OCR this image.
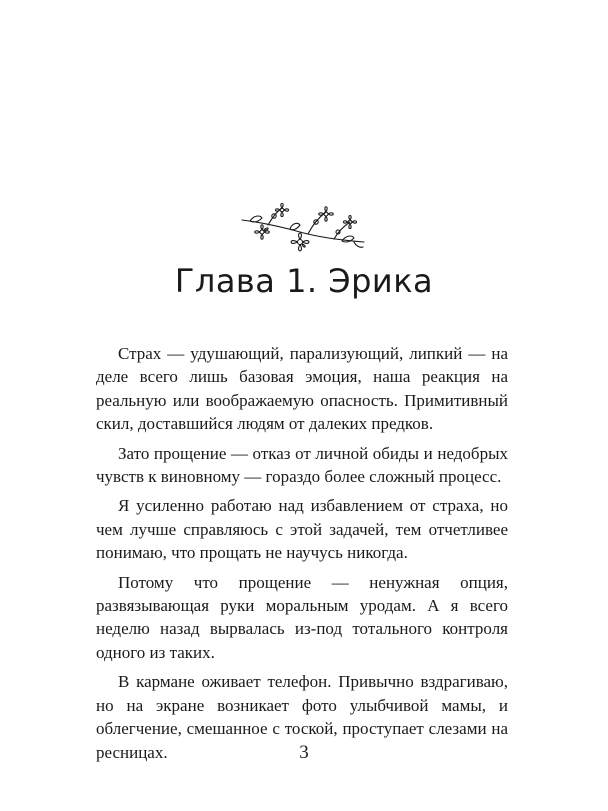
Глава 1. Эрика

Страх — удушающий, парализующий, липкий — на деле всего лишь базовая эмоция, наша реакция на реальную или воображаемую опасность. Примитивный скил, доставшийся людям от далеких предков.

Зато прощение — отказ от личной обиды и недобрых чувств к виновному — гораздо более сложный процесс.

Я усиленно работаю над избавлением от страха, но чем лучше справляюсь с этой задачей, тем отчетливее понимаю, что прощать не научусь никогда.

Потому что прощение — ненужная опция, развязывающая руки моральным уродам. А я всего неделю назад вырвалась из-под тотального контроля одного из таких.

В кармане оживает телефон. Привычно вздрагиваю, но на экране возникает фото улыбчивой мамы, и облегчение, смешанное с тоской, проступает слезами на ресницах.	3
